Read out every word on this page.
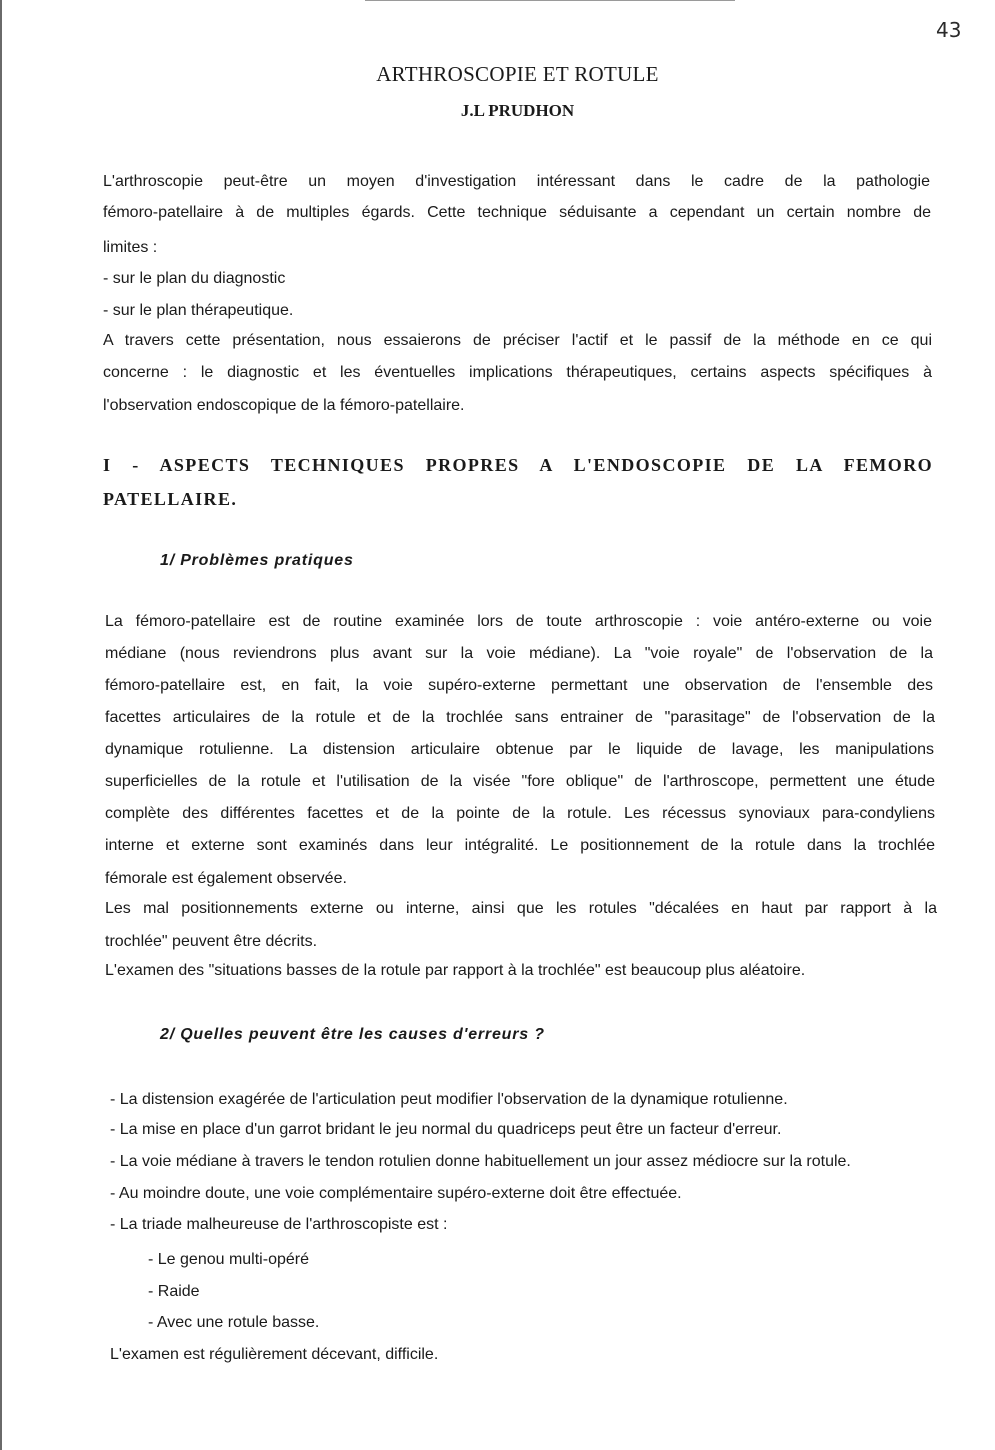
43
ARTHROSCOPIE ET ROTULE
J.L PRUDHON
L'arthroscopie peut-être un moyen d'investigation intéressant dans le cadre de la pathologie
fémoro-patellaire à de multiples égards. Cette technique séduisante a cependant un certain nombre de
limites :
- sur le plan du diagnostic
- sur le plan thérapeutique.
A travers cette présentation, nous essaierons de préciser l'actif et le passif de la méthode en ce qui
concerne : le diagnostic et les éventuelles implications thérapeutiques, certains aspects spécifiques à
l'observation endoscopique de la fémoro-patellaire.
I - ASPECTS TECHNIQUES PROPRES A L'ENDOSCOPIE DE LA FEMORO
PATELLAIRE.
1/ Problèmes pratiques
La fémoro-patellaire est de routine examinée lors de toute arthroscopie : voie antéro-externe ou voie
médiane (nous reviendrons plus avant sur la voie médiane). La "voie royale" de l'observation de la
fémoro-patellaire est, en fait, la voie supéro-externe permettant une observation de l'ensemble des
facettes articulaires de la rotule et de la trochlée sans entrainer de "parasitage" de l'observation de la
dynamique rotulienne. La distension articulaire obtenue par le liquide de lavage, les manipulations
superficielles de la rotule et l'utilisation de la visée "fore oblique" de l'arthroscope, permettent une étude
complète des différentes facettes et de la pointe de la rotule. Les récessus synoviaux para-condyliens
interne et externe sont examinés dans leur intégralité. Le positionnement de la rotule dans la trochlée
fémorale est également observée.
Les mal positionnements externe ou interne, ainsi que les rotules "décalées en haut par rapport à la
trochlée" peuvent être décrits.
L'examen des "situations basses de la rotule par rapport à la trochlée" est beaucoup plus aléatoire.
2/ Quelles peuvent être les causes d'erreurs ?
- La distension exagérée de l'articulation peut modifier l'observation de la dynamique rotulienne.
- La mise en place d'un garrot bridant le jeu normal du quadriceps peut être un facteur d'erreur.
- La voie médiane à travers le tendon rotulien donne habituellement un jour assez médiocre sur la rotule.
- Au moindre doute, une voie complémentaire supéro-externe doit être effectuée.
- La triade malheureuse de l'arthroscopiste est :
- Le genou multi-opéré
- Raide
- Avec une rotule basse.
L'examen est régulièrement décevant, difficile.
